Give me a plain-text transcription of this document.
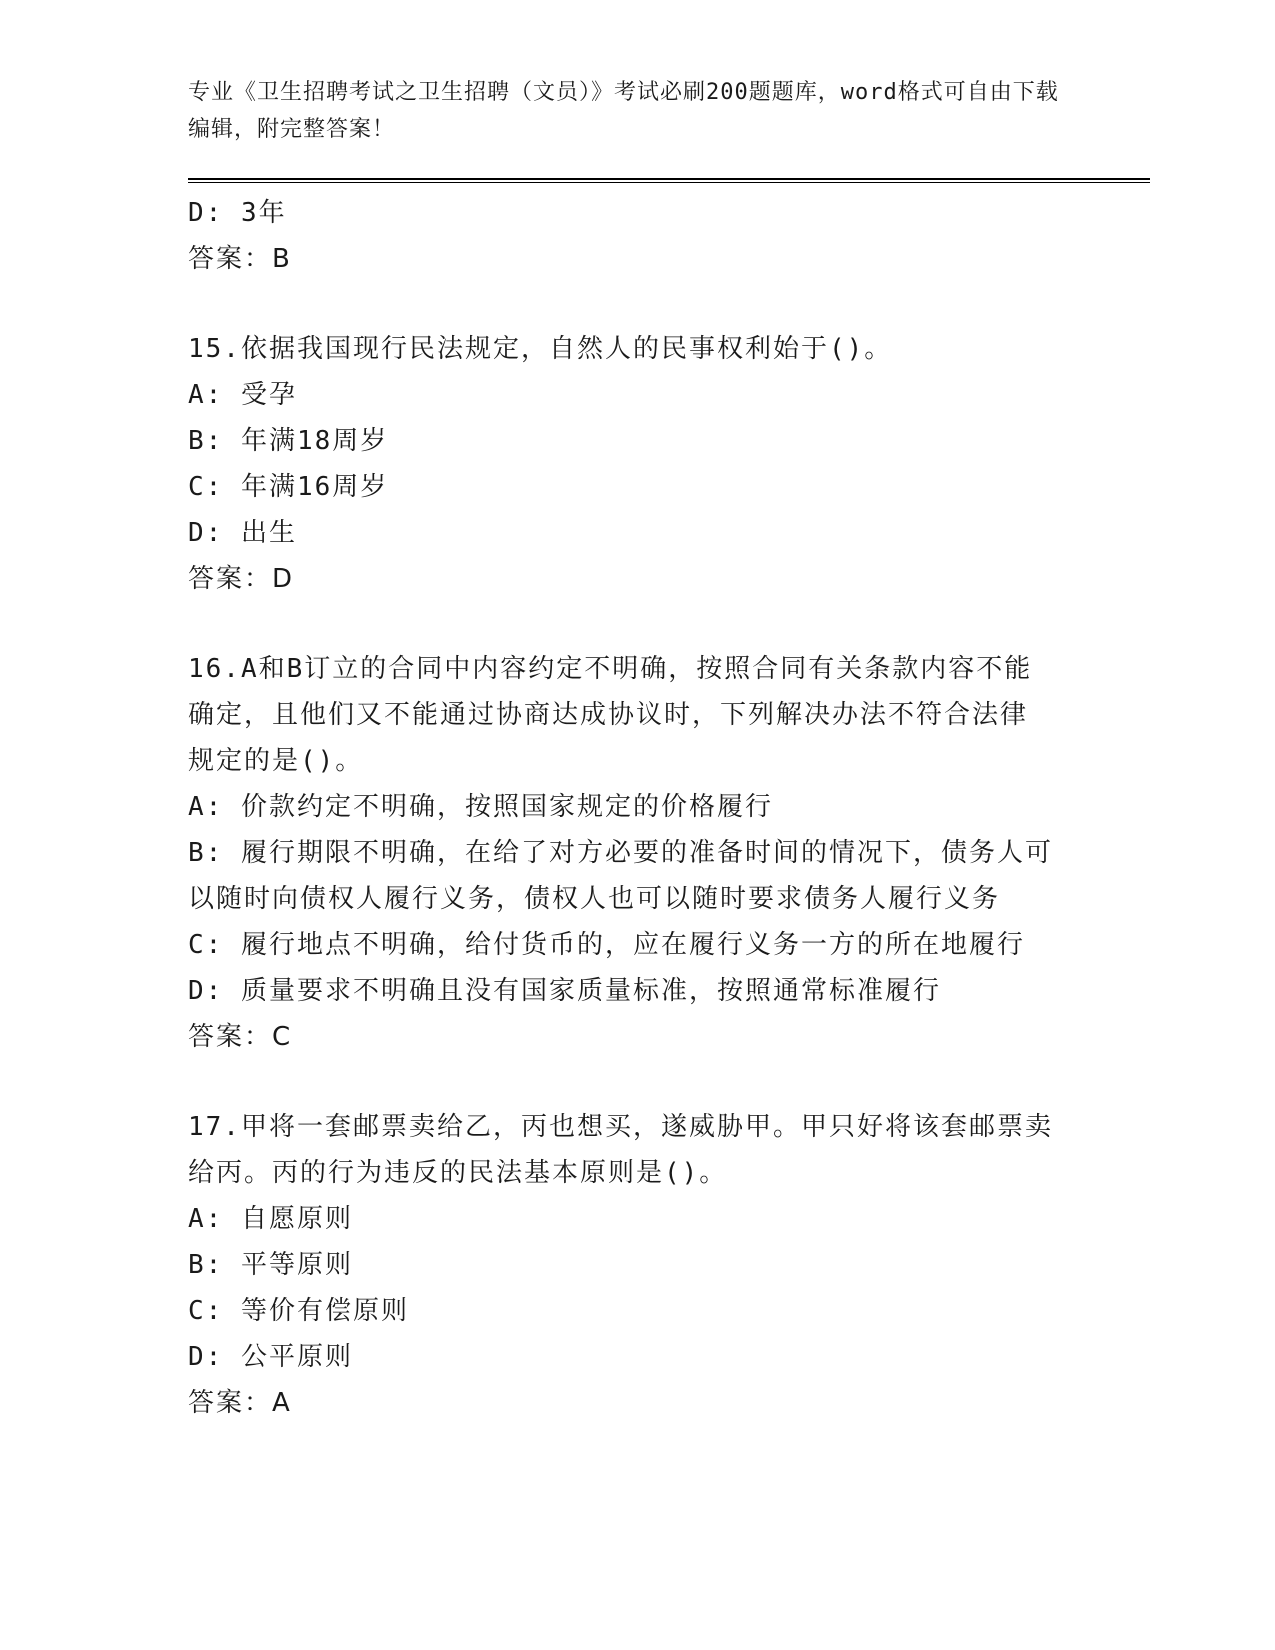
专业《卫生招聘考试之卫生招聘（文员）》考试必刷200题题库，word格式可自由下载编辑，附完整答案！
D: 3年
答案：B
15.依据我国现行民法规定，自然人的民事权利始于()。
A: 受孕
B: 年满18周岁
C: 年满16周岁
D: 出生
答案：D
16.A和B订立的合同中内容约定不明确，按照合同有关条款内容不能
确定，且他们又不能通过协商达成协议时，下列解决办法不符合法律
规定的是()。
A: 价款约定不明确，按照国家规定的价格履行
B: 履行期限不明确，在给了对方必要的准备时间的情况下，债务人可
以随时向债权人履行义务，债权人也可以随时要求债务人履行义务
C: 履行地点不明确，给付货币的，应在履行义务一方的所在地履行
D: 质量要求不明确且没有国家质量标准，按照通常标准履行
答案：C
17.甲将一套邮票卖给乙，丙也想买，遂威胁甲。甲只好将该套邮票卖
给丙。丙的行为违反的民法基本原则是()。
A: 自愿原则
B: 平等原则
C: 等价有偿原则
D: 公平原则
答案：A
